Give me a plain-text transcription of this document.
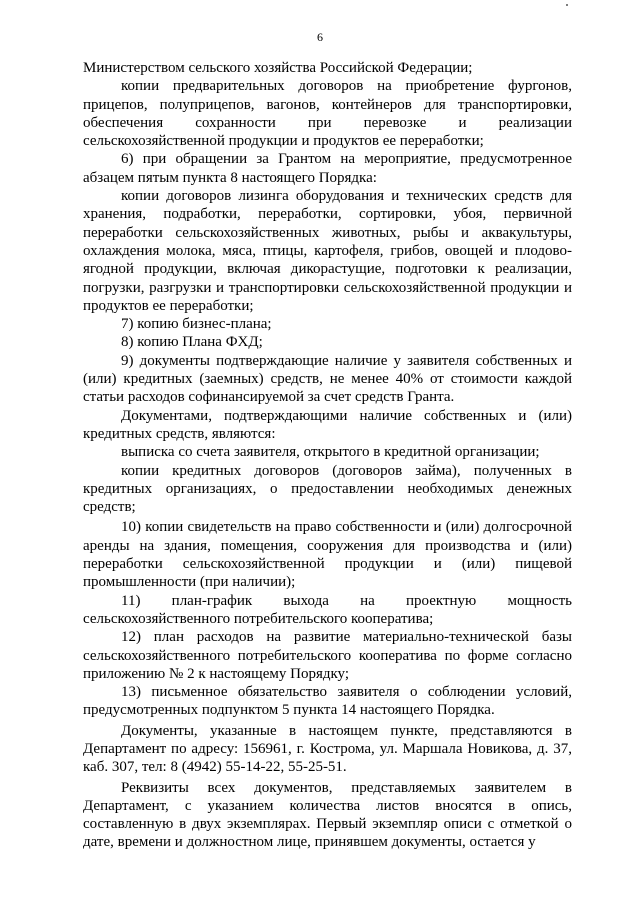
6

Министерством сельского хозяйства Российской Федерации;

копии предварительных договоров на приобретение фургонов, прицепов, полуприцепов, вагонов, контейнеров для транспортировки, обеспечения сохранности при перевозке и реализации сельскохозяйственной продукции и продуктов ее переработки;

6) при обращении за Грантом на мероприятие, предусмотренное абзацем пятым пункта 8 настоящего Порядка:

копии договоров лизинга оборудования и технических средств для хранения, подработки, переработки, сортировки, убоя, первичной переработки сельскохозяйственных животных, рыбы и аквакультуры, охлаждения молока, мяса, птицы, картофеля, грибов, овощей и плодово-ягодной продукции, включая дикорастущие, подготовки к реализации, погрузки, разгрузки и транспортировки сельскохозяйственной продукции и продуктов ее переработки;

7) копию бизнес-плана;

8) копию Плана ФХД;

9) документы подтверждающие наличие у заявителя собственных и (или) кредитных (заемных) средств, не менее 40% от стоимости каждой статьи расходов софинансируемой за счет средств Гранта.

Документами, подтверждающими наличие собственных и (или) кредитных средств, являются:

выписка со счета заявителя, открытого в кредитной организации;

копии кредитных договоров (договоров займа), полученных в кредитных организациях, о предоставлении необходимых денежных средств;

10) копии свидетельств на право собственности и (или) долгосрочной аренды на здания, помещения, сооружения для производства и (или) переработки сельскохозяйственной продукции и (или) пищевой промышленности (при наличии);

11) план-график выхода на проектную мощность сельскохозяйственного потребительского кооператива;

12) план расходов на развитие материально-технической базы сельскохозяйственного потребительского кооператива по форме согласно приложению № 2 к настоящему Порядку;

13) письменное обязательство заявителя о соблюдении условий, предусмотренных подпунктом 5 пункта 14 настоящего Порядка.

Документы, указанные в настоящем пункте, представляются в Департамент по адресу: 156961, г. Кострома, ул. Маршала Новикова, д. 37, каб. 307, тел: 8 (4942) 55-14-22, 55-25-51.

Реквизиты всех документов, представляемых заявителем в Департамент, с указанием количества листов вносятся в опись, составленную в двух экземплярах. Первый экземпляр описи с отметкой о дате, времени и должностном лице, принявшем документы, остается у
